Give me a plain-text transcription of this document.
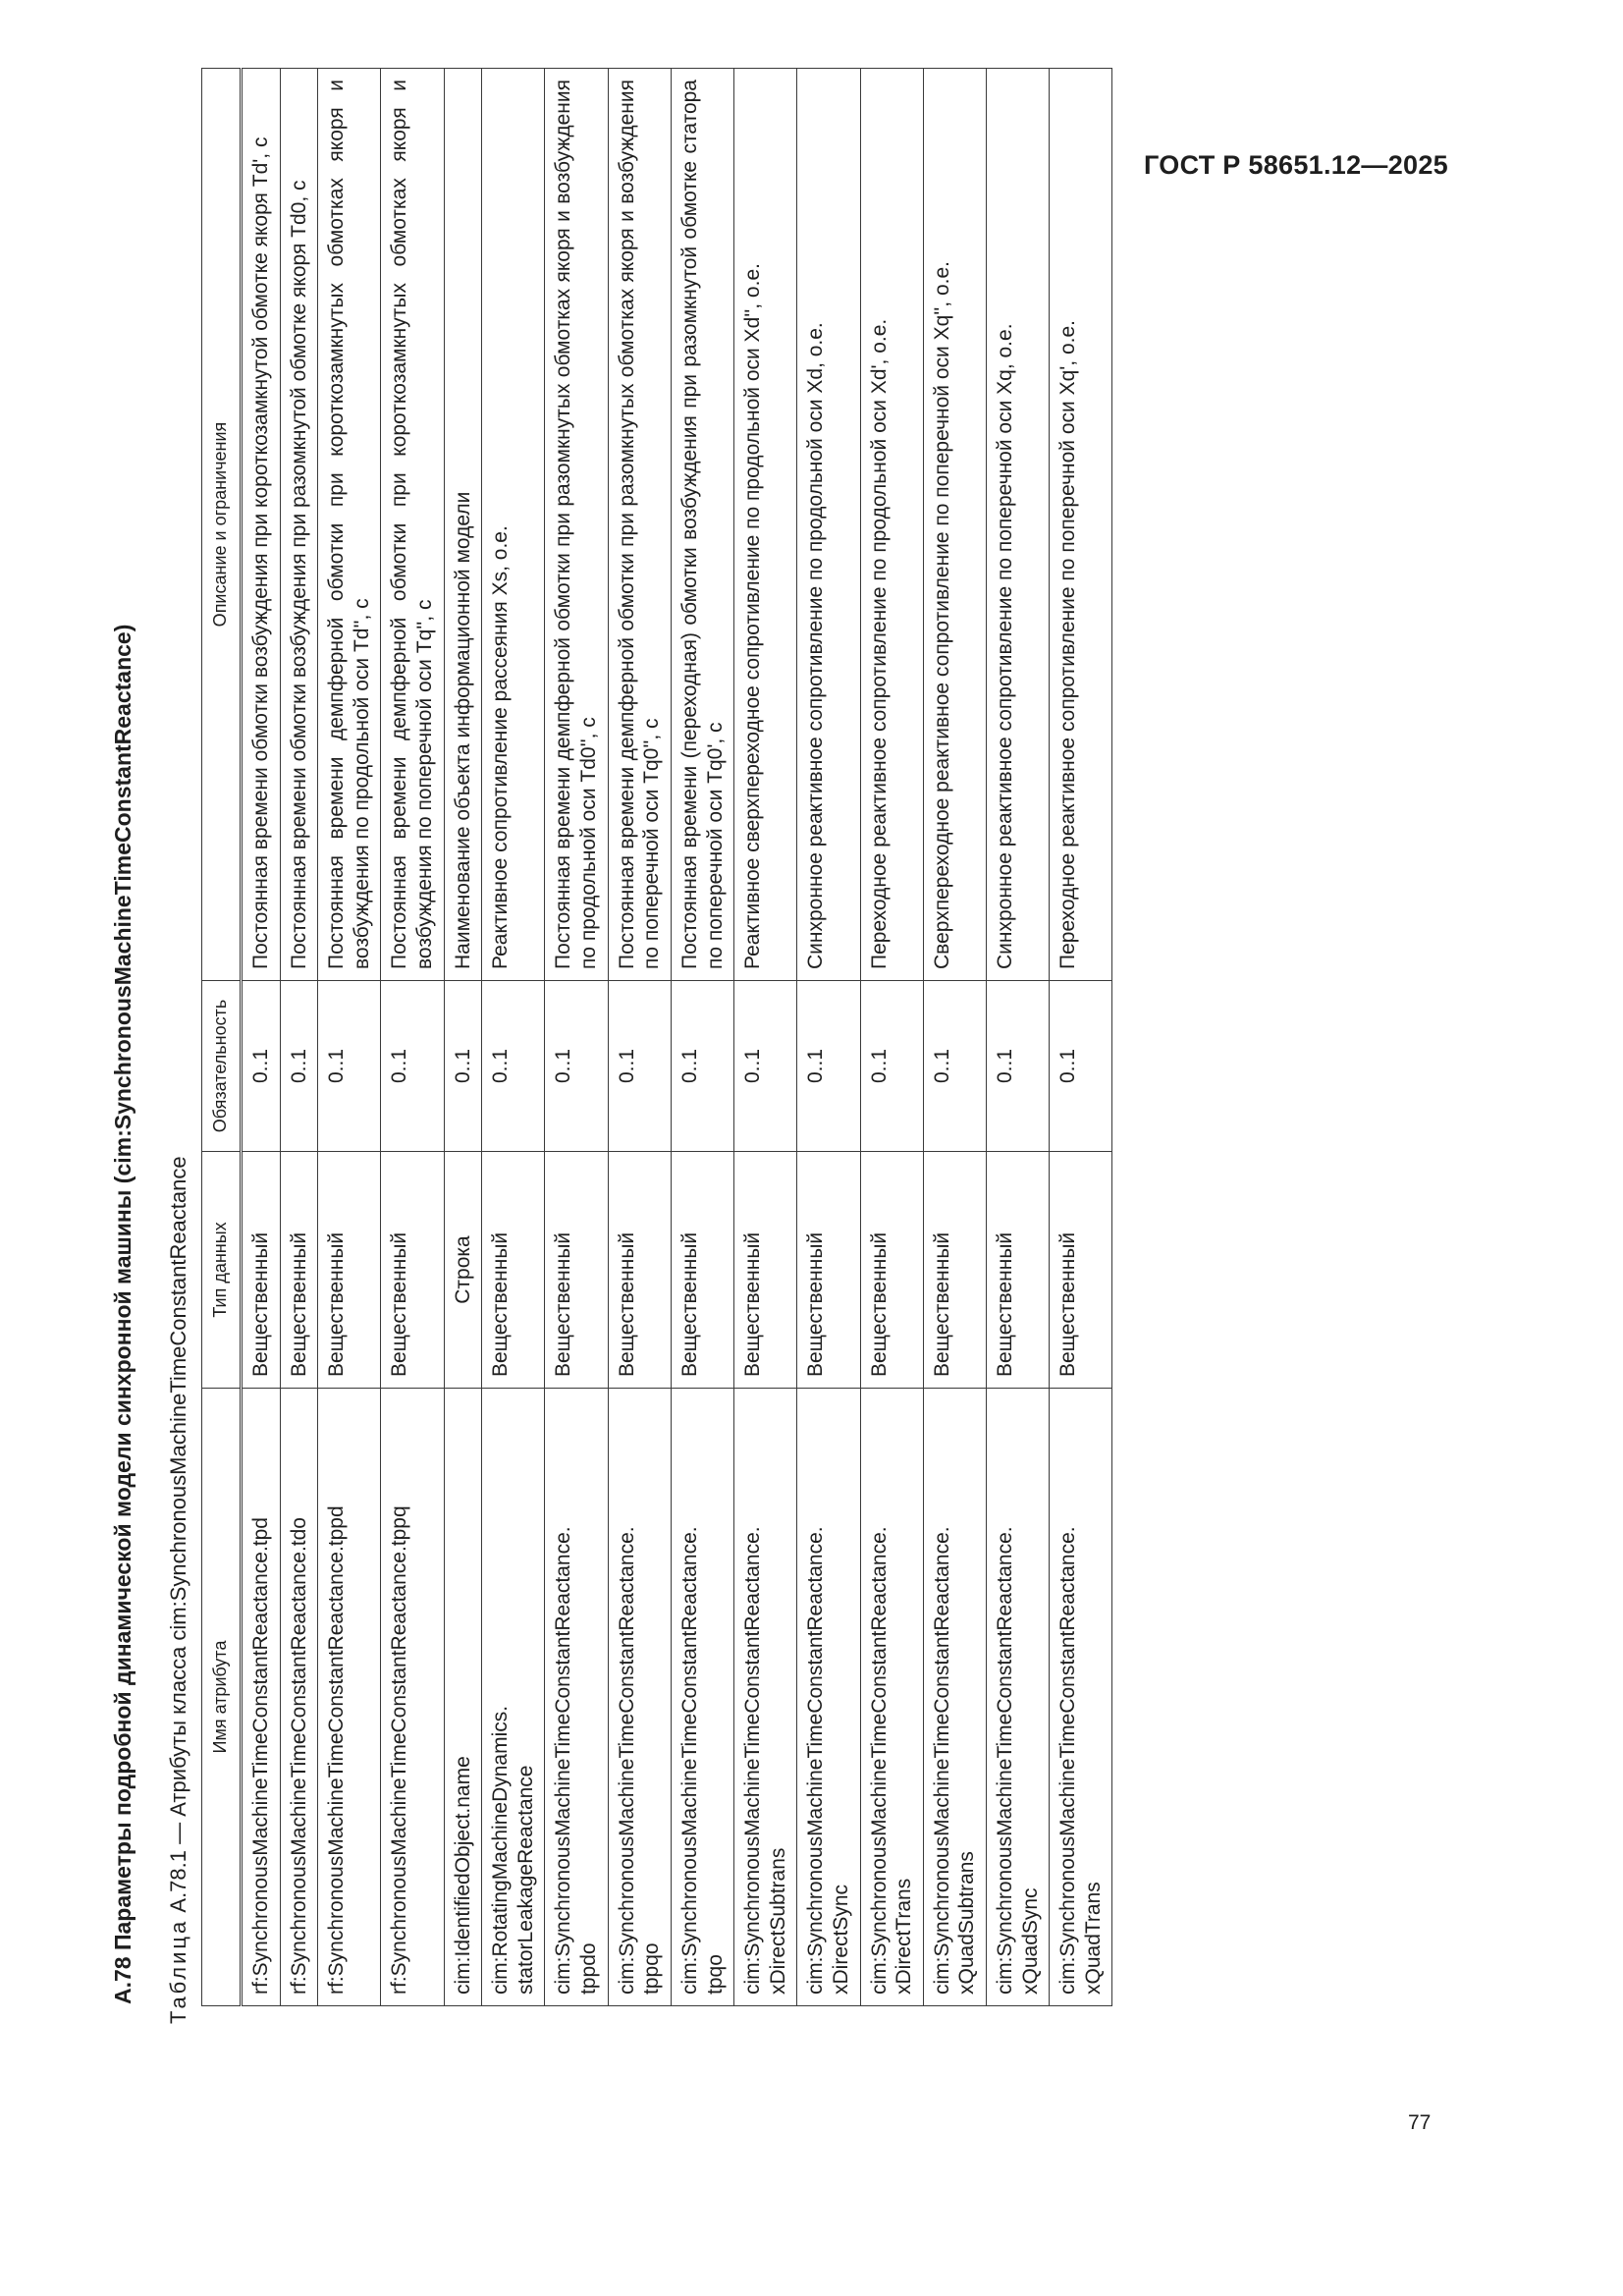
ГОСТ Р 58651.12—2025
A.78 Параметры подробной динамической модели синхронной машины (cim:SynchronousMachineTimeConstantReactance) Таблица A.78.1 — Атрибуты класса cim:SynchronousMachineTimeConstantReactance Имя атрибута	Тип данных	Обязательность	Описание и ограничения
rf:SynchronousMachineTimeConstantReactance.tpd	Вещественный	0..1	Постоянная времени обмотки возбуждения при короткозамкнутой обмотке якоря Td', с
rf:SynchronousMachineTimeConstantReactance.tdo	Вещественный	0..1	Постоянная времени обмотки возбуждения при разомкнутой обмотке якоря Td0, с
rf:SynchronousMachineTimeConstantReactance.tppd	Вещественный	0..1	Постоянная времени демпферной обмотки при короткозамкнутых обмотках якоря и возбуждения по продольной оси Td'', с
rf:SynchronousMachineTimeConstantReactance.tppq	Вещественный	0..1	Постоянная времени демпферной обмотки при короткозамкнутых обмотках якоря и возбуждения по поперечной оси Tq'', с
cim:IdentifiedObject.name	Строка	0..1	Наименование объекта информационной модели
cim:RotatingMachineDynamics. statorLeakageReactance	Вещественный	0..1	Реактивное сопротивление рассеяния Xs, о.е.
cim:SynchronousMachineTimeConstantReactance. tppdo	Вещественный	0..1	Постоянная времени демпферной обмотки при разомкнутых обмотках якоря и возбуждения по продольной оси Td0'', с
cim:SynchronousMachineTimeConstantReactance. tppqo	Вещественный	0..1	Постоянная времени демпферной обмотки при разомкнутых обмотках якоря и возбуждения по поперечной оси Tq0'', с
cim:SynchronousMachineTimeConstantReactance. tpqo	Вещественный	0..1	Постоянная времени (переходная) обмотки возбуждения при разомкнутой обмотке статора по поперечной оси Tq0', с
cim:SynchronousMachineTimeConstantReactance. xDirectSubtrans	Вещественный	0..1	Реактивное сверхпереходное сопротивление по продольной оси Xd'', о.е.
cim:SynchronousMachineTimeConstantReactance. xDirectSync	Вещественный	0..1	Синхронное реактивное сопротивление по продольной оси Xd, о.е.
cim:SynchronousMachineTimeConstantReactance. xDirectTrans	Вещественный	0..1	Переходное реактивное сопротивление по продольной оси Xd', о.е.
cim:SynchronousMachineTimeConstantReactance. xQuadSubtrans	Вещественный	0..1	Сверхпереходное реактивное сопротивление по поперечной оси Xq'', о.е.
cim:SynchronousMachineTimeConstantReactance. xQuadSync	Вещественный	0..1	Синхронное реактивное сопротивление по поперечной оси Xq, о.е.
cim:SynchronousMachineTimeConstantReactance. xQuadTrans	Вещественный	0..1	Переходное реактивное сопротивление по поперечной оси Xq', о.е.
77
